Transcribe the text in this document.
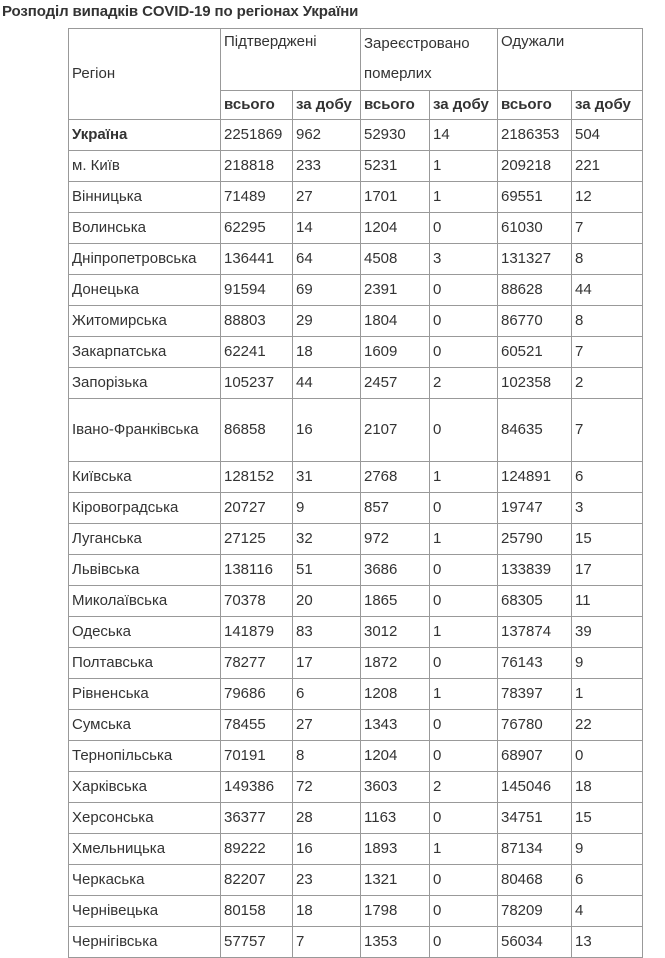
Розподіл випадків COVID-19 по регіонах України
Регіон	Підтверджені		Зареєстровано померлих		Одужали	
	всього	за добу	всього	за добу	всього	за добу
Україна	2251869	962	52930	14	2186353	504
м. Київ	218818	233	5231	1	209218	221
Вінницька	71489	27	1701	1	69551	12
Волинська	62295	14	1204	0	61030	7
Дніпропетровська	136441	64	4508	3	131327	8
Донецька	91594	69	2391	0	88628	44
Житомирська	88803	29	1804	0	86770	8
Закарпатська	62241	18	1609	0	60521	7
Запорізька	105237	44	2457	2	102358	2
Івано-​Франківська	86858	16	2107	0	84635	7
Київська	128152	31	2768	1	124891	6
Кіровоградська	20727	9	857	0	19747	3
Луганська	27125	32	972	1	25790	15
Львівська	138116	51	3686	0	133839	17
Миколаївська	70378	20	1865	0	68305	11
Одеська	141879	83	3012	1	137874	39
Полтавська	78277	17	1872	0	76143	9
Рівненська	79686	6	1208	1	78397	1
Сумська	78455	27	1343	0	76780	22
Тернопільська	70191	8	1204	0	68907	0
Харківська	149386	72	3603	2	145046	18
Херсонська	36377	28	1163	0	34751	15
Хмельницька	89222	16	1893	1	87134	9
Черкаська	82207	23	1321	0	80468	6
Чернівецька	80158	18	1798	0	78209	4
Чернігівська	57757	7	1353	0	56034	13
